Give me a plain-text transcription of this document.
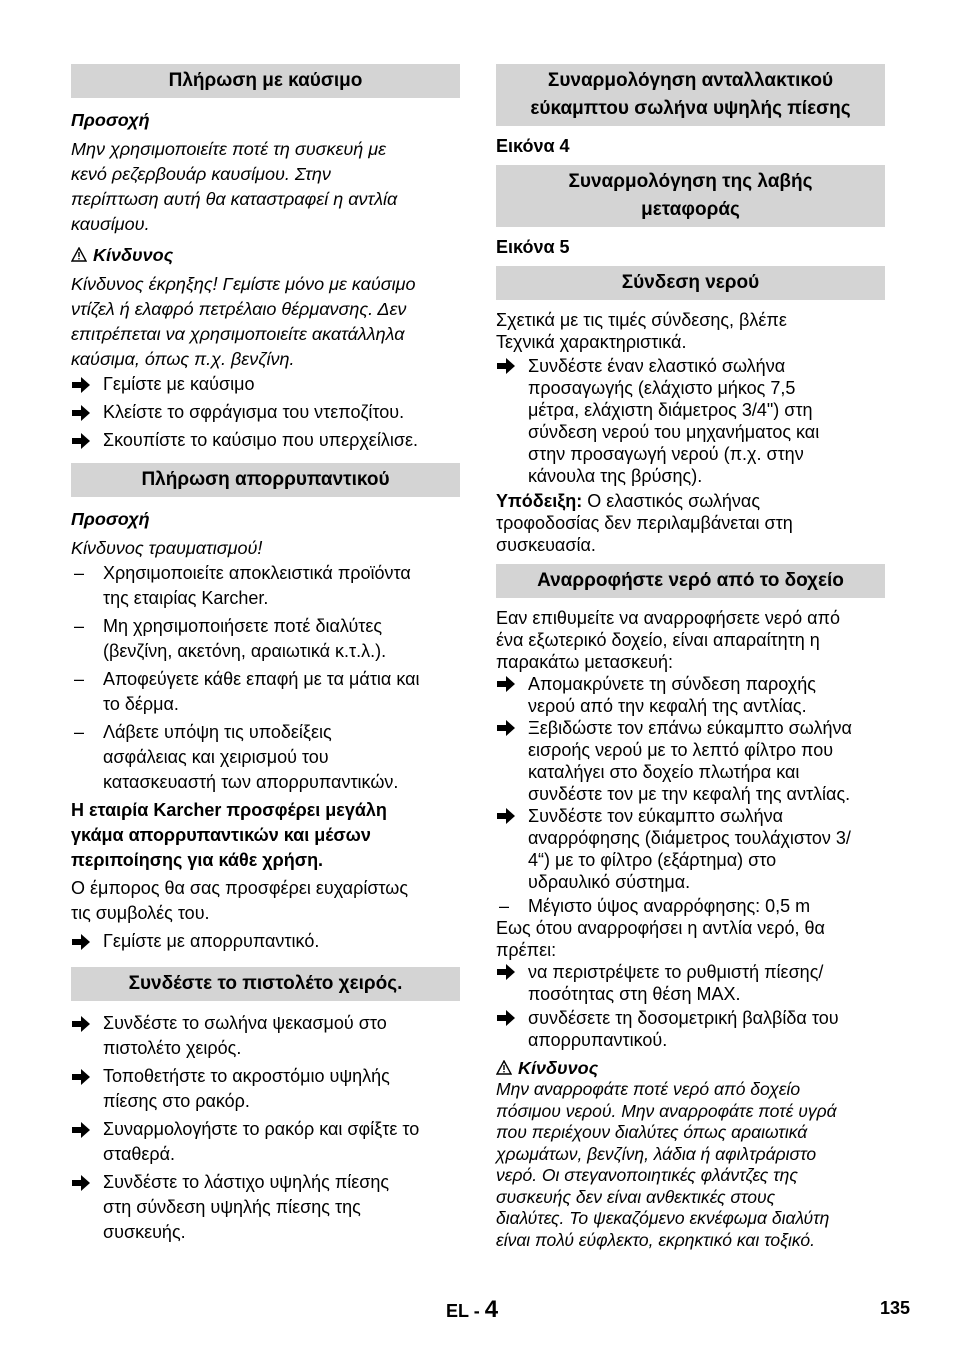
Πλήρωση με καύσιμο
Προσοχή
Μην χρησιμοποιείτε ποτέ τη συσκευή με
κενό ρεζερβουάρ καυσίμου. Στην
περίπτωση αυτή θα καταστραφεί η αντλία
καυσίμου.
Κίνδυνος
Κίνδυνος έκρηξης! Γεμίστε μόνο με καύσιμο
ντίζελ ή ελαφρό πετρέλαιο θέρμανσης. Δεν
επιτρέπεται να χρησιμοποιείτε ακατάλληλα
καύσιμα, όπως π.χ. βενζίνη.
Γεμίστε με καύσιμο
Κλείστε το σφράγισμα του ντεποζίτου.
Σκουπίστε το καύσιμο που υπερχείλισε.
Πλήρωση απορρυπαντικού
Προσοχή
Κίνδυνος τραυματισμού!
– Χρησιμοποιείτε αποκλειστικά προϊόντα
της εταιρίας Karcher.
– Μη χρησιμοποιήσετε ποτέ διαλύτες
(βενζίνη, ακετόνη, αραιωτικά κ.τ.λ.).
– Αποφεύγετε κάθε επαφή με τα μάτια και
το δέρμα.
– Λάβετε υπόψη τις υποδείξεις
ασφάλειας και χειρισμού του
κατασκευαστή των απορρυπαντικών.
Η εταιρία Karcher προσφέρει μεγάλη
γκάμα απορρυπαντικών και μέσων
περιποίησης για κάθε χρήση.
Ο έμπορος θα σας προσφέρει ευχαρίστως
τις συμβολές του.
Γεμίστε με απορρυπαντικό.
Συνδέστε το πιστολέτο χειρός.
Συνδέστε το σωλήνα ψεκασμού στο
πιστολέτο χειρός.
Τοποθετήστε το ακροστόμιο υψηλής
πίεσης στο ρακόρ.
Συναρμολογήστε το ρακόρ και σφίξτε το
σταθερά.
Συνδέστε το λάστιχο υψηλής πίεσης
στη σύνδεση υψηλής πίεσης της
συσκευής.
Συναρμολόγηση ανταλλακτικού
εύκαμπτου σωλήνα υψηλής πίεσης
Εικόνα 4
Συναρμολόγηση της λαβής
μεταφοράς
Εικόνα 5
Σύνδεση νερού
Σχετικά με τις τιμές σύνδεσης, βλέπε
Τεχνικά χαρακτηριστικά.
Συνδέστε έναν ελαστικό σωλήνα
προσαγωγής (ελάχιστο μήκος 7,5
μέτρα, ελάχιστη διάμετρος 3/4") στη
σύνδεση νερού του μηχανήματος και
στην προσαγωγή νερού (π.χ. στην
κάνουλα της βρύσης).
Υπόδειξη: Ο ελαστικός σωλήνας
τροφοδοσίας δεν περιλαμβάνεται στη
συσκευασία.
Αναρροφήστε νερό από το δοχείο
Εαν επιθυμείτε να αναρροφήσετε νερό από
ένα εξωτερικό δοχείο, είναι απαραίτητη η
παρακάτω μετασκευή:
Απομακρύνετε τη σύνδεση παροχής
νερού από την κεφαλή της αντλίας.
Ξεβιδώστε τον επάνω εύκαμπτο σωλήνα
εισροής νερού με το λεπτό φίλτρο που
καταλήγει στο δοχείο πλωτήρα και
συνδέστε τον με την κεφαλή της αντλίας.
Συνδέστε τον εύκαμπτο σωλήνα
αναρρόφησης (διάμετρος τουλάχιστον 3/
4“) με το φίλτρο (εξάρτημα) στο
υδραυλικό σύστημα.
– Μέγιστο ύψος αναρρόφησης: 0,5 m
Εως ότου αναρροφήσει η αντλία νερό, θα
πρέπει:
να περιστρέψετε το ρυθμιστή πίεσης/
ποσότητας στη θέση MAX.
συνδέσετε τη δοσομετρική βαλβίδα του
απορρυπαντικού.
Κίνδυνος
Μην αναρροφάτε ποτέ νερό από δοχείο
πόσιμου νερού. Μην αναρροφάτε ποτέ υγρά
που περιέχουν διαλύτες όπως αραιωτικά
χρωμάτων, βενζίνη, λάδια ή αφιλτράριστο
νερό. Οι στεγανοποιητικές φλάντζες της
συσκευής δεν είναι ανθεκτικές στους
διαλύτες. Το ψεκαζόμενο εκνέφωμα διαλύτη
είναι πολύ εύφλεκτο, εκρηκτικό και τοξικό.
EL - 4	135
